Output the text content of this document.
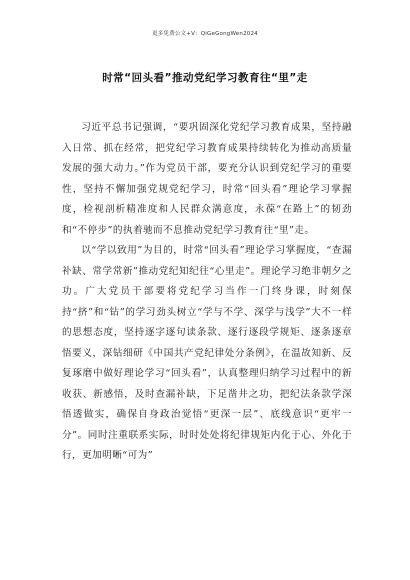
更多免费公文+V：QiGeGongWen2024
时常“回头看”推动党纪学习教育往“里”走

习近平总书记强调，“要巩固深化党纪学习教育成果，坚持融入日常、抓在经常，把党纪学习教育成果持续转化为推动高质量发展的强大动力。”作为党员干部，要充分认识到党纪学习的重要性，坚持不懈加强党规党纪学习，时常“回头看”理论学习掌握度，检视剖析精准度和人民群众满意度，永葆“在路上”的韧劲和“不停步”的执着驰而不息推动党纪学习教育往“里”走。

以“学以致用”为目的，时常“回头看”理论学习掌握度，“查漏补缺、常学常新”推动党纪知纪往“心里走”。理论学习绝非朝夕之功。广大党员干部要将党纪学习当作一门终身课，时刻保持“挤”和“钻”的学习劲头树立“学与不学、深学与浅学”大不一样的思想态度，坚持逐字逐句读条款、逐行逐段学规矩、逐条逐章悟要义，深钻细研《中国共产党纪律处分条例》，在温故知新、反复琢磨中做好理论学习“回头看”，认真整理归纳学习过程中的新收获、新感悟，及时查漏补缺，下足凿井之功，把纪法条款学深悟透做实，确保自身政治觉悟“更深一层”、底线意识“更牢一分”。同时注重联系实际，时时处处将纪律规矩内化于心、外化于行，更加明晰“可为”
